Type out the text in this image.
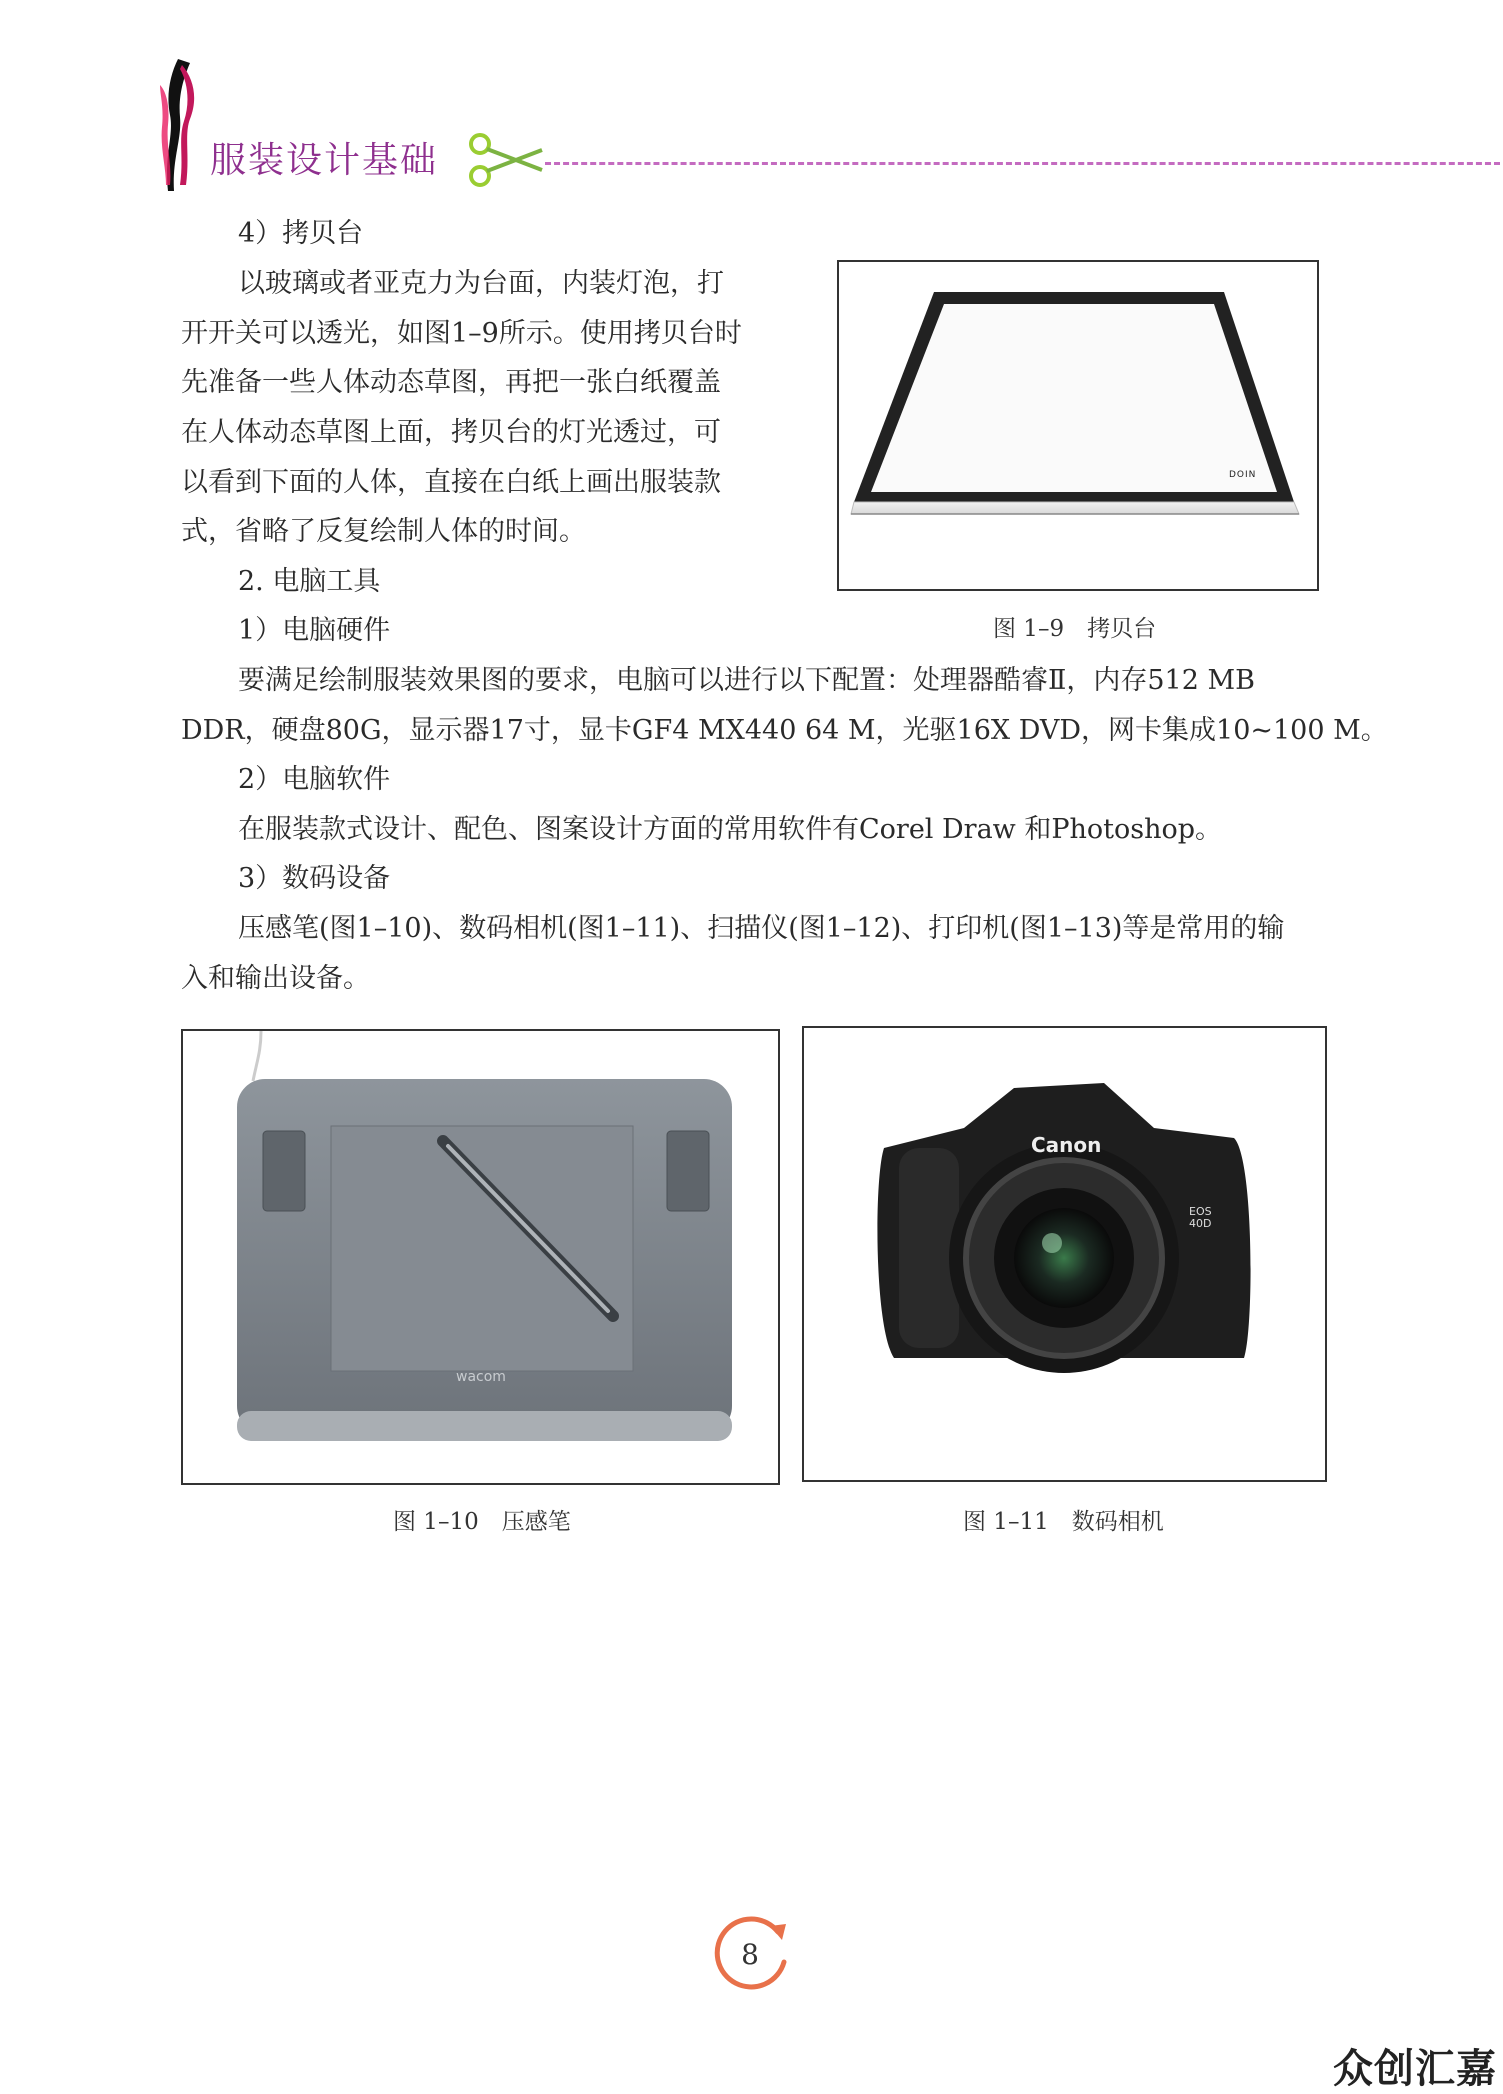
服装设计基础
4）拷贝台
以玻璃或者亚克力为台面，内装灯泡，打
开开关可以透光，如图1–9所示。使用拷贝台时
先准备一些人体动态草图，再把一张白纸覆盖
在人体动态草图上面，拷贝台的灯光透过，可
以看到下面的人体，直接在白纸上画出服装款
式，省略了反复绘制人体的时间。
2. 电脑工具
1）电脑硬件
要满足绘制服装效果图的要求，电脑可以进行以下配置：处理器酷睿Ⅱ，内存512 MB
DDR，硬盘80G，显示器17寸，显卡GF4 MX440 64 M，光驱16X DVD，网卡集成10~100 M。
2）电脑软件
在服装款式设计、配色、图案设计方面的常用软件有Corel Draw 和Photoshop。
3）数码设备
压感笔(图1–10)、数码相机(图1–11)、扫描仪(图1–12)、打印机(图1–13)等是常用的输
入和输出设备。
DOIN
图 1–9　拷贝台
wacom
图 1–10　压感笔
Canon
EOS
40D
图 1–11　数码相机
8
众创汇嘉
